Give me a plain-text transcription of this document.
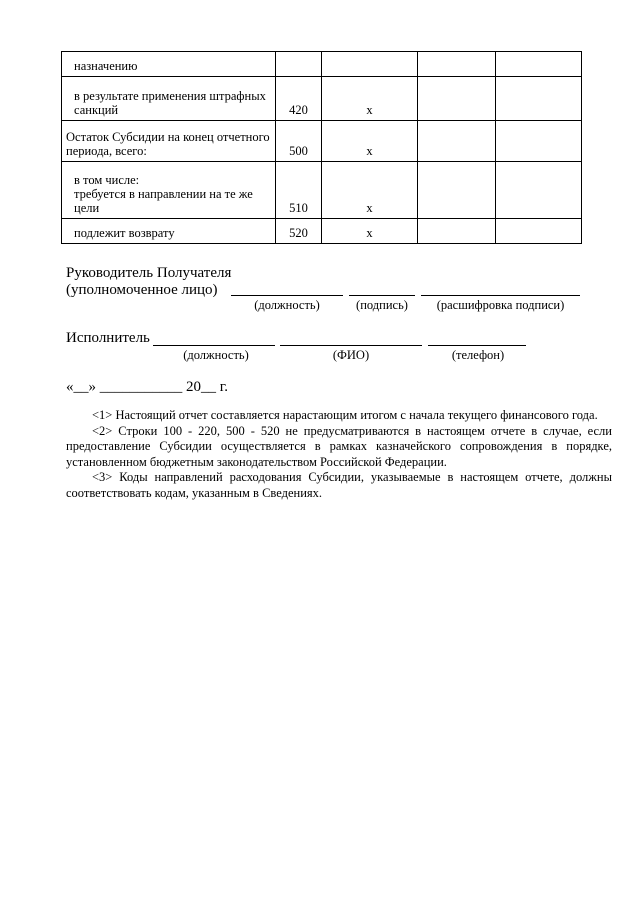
назначению				
в результате применения штрафных санкций	420	x		
Остаток Субсидии на конец отчетного периода, всего:	500	x		

в том числе:
требуется в направлении на те же цели	510	x		
подлежит возврату	520	x		
Руководитель Получателя
(уполномоченное лицо)
(должность)	(подпись)	(расшифровка подписи)
Исполнитель
(должность)	(ФИО)	(телефон)
«__» ___________ 20__ г.

<1> Настоящий отчет составляется нарастающим итогом с начала текущего финансового года.

<2> Строки 100 - 220, 500 - 520 не предусматриваются в настоящем отчете в случае, если предоставление Субсидии осуществляется в рамках казначейского сопровождения в порядке, установленном бюджетным законодательством Российской Федерации.

<3> Коды направлений расходования Субсидии, указываемые в настоящем отчете, должны соответствовать кодам, указанным в Сведениях.
